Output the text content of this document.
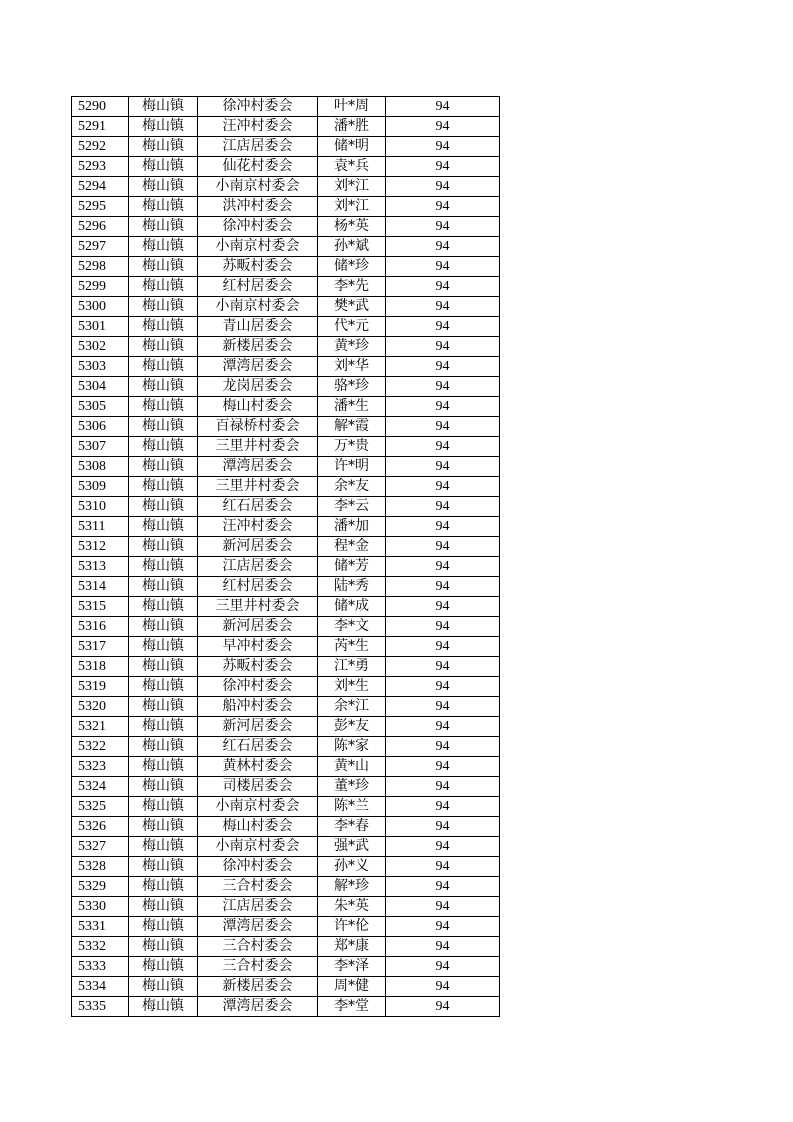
5290	梅山镇	徐冲村委会	叶*周	94
5291	梅山镇	汪冲村委会	潘*胜	94
5292	梅山镇	江店居委会	储*明	94
5293	梅山镇	仙花村委会	袁*兵	94
5294	梅山镇	小南京村委会	刘*江	94
5295	梅山镇	洪冲村委会	刘*江	94
5296	梅山镇	徐冲村委会	杨*英	94
5297	梅山镇	小南京村委会	孙*斌	94
5298	梅山镇	苏畈村委会	储*珍	94
5299	梅山镇	红村居委会	李*先	94
5300	梅山镇	小南京村委会	樊*武	94
5301	梅山镇	青山居委会	代*元	94
5302	梅山镇	新楼居委会	黄*珍	94
5303	梅山镇	潭湾居委会	刘*华	94
5304	梅山镇	龙岗居委会	骆*珍	94
5305	梅山镇	梅山村委会	潘*生	94
5306	梅山镇	百禄桥村委会	解*霞	94
5307	梅山镇	三里井村委会	万*贵	94
5308	梅山镇	潭湾居委会	许*明	94
5309	梅山镇	三里井村委会	余*友	94
5310	梅山镇	红石居委会	李*云	94
5311	梅山镇	汪冲村委会	潘*加	94
5312	梅山镇	新河居委会	程*金	94
5313	梅山镇	江店居委会	储*芳	94
5314	梅山镇	红村居委会	陆*秀	94
5315	梅山镇	三里井村委会	储*成	94
5316	梅山镇	新河居委会	李*文	94
5317	梅山镇	早冲村委会	芮*生	94
5318	梅山镇	苏畈村委会	江*勇	94
5319	梅山镇	徐冲村委会	刘*生	94
5320	梅山镇	船冲村委会	余*江	94
5321	梅山镇	新河居委会	彭*友	94
5322	梅山镇	红石居委会	陈*家	94
5323	梅山镇	黄林村委会	黄*山	94
5324	梅山镇	司楼居委会	董*珍	94
5325	梅山镇	小南京村委会	陈*兰	94
5326	梅山镇	梅山村委会	李*春	94
5327	梅山镇	小南京村委会	强*武	94
5328	梅山镇	徐冲村委会	孙*义	94
5329	梅山镇	三合村委会	解*珍	94
5330	梅山镇	江店居委会	朱*英	94
5331	梅山镇	潭湾居委会	许*伦	94
5332	梅山镇	三合村委会	郑*康	94
5333	梅山镇	三合村委会	李*泽	94
5334	梅山镇	新楼居委会	周*健	94
5335	梅山镇	潭湾居委会	李*堂	94
